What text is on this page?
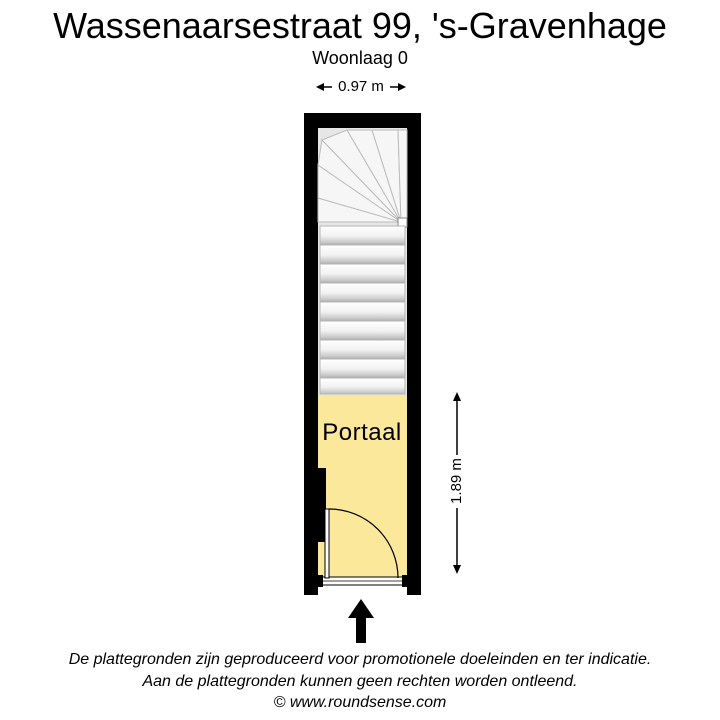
Wassenaarsestraat 99, 's-Gravenhage
Woonlaag 0
0.97 m
1.89 m
Portaal
De plattegronden zijn geproduceerd voor promotionele doeleinden en ter indicatie.
Aan de plattegronden kunnen geen rechten worden ontleend.
© www.roundsense.com
